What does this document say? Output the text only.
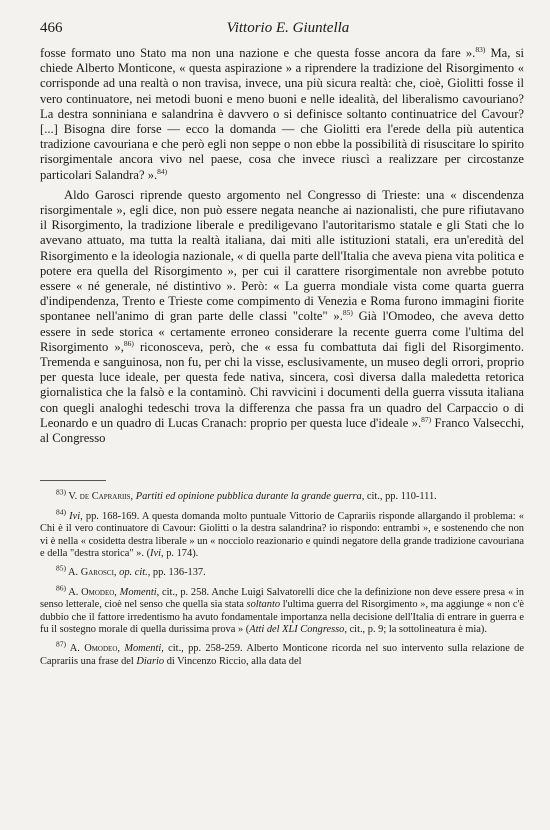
466	Vittorio E. Giuntella

fosse formato uno Stato ma non una nazione e che questa fosse ancora da fare ».$^{83)}$ Ma, si chiede Alberto Monticone, « questa aspirazione » a riprendere la tradizione del Risorgimento « corrisponde ad una realtà o non travisa, invece, una più sicura realtà: che, cioè, Giolitti fosse il vero continuatore, nei metodi buoni e meno buoni e nelle idealità, del liberalismo cavouriano? La destra sonniniana e salandrina è davvero o si definisce soltanto continuatrice del Cavour? [...] Bisogna dire forse — ecco la domanda — che Giolitti era l'erede della più autentica tradizione cavouriana e che però egli non seppe o non ebbe la possibilità di risuscitare lo spirito risorgimentale ancora vivo nel paese, cosa che invece riuscì a realizzare per circostanze particolari Salandra? ».$^{84)}$

Aldo Garosci riprende questo argomento nel Congresso di Trieste: una « discendenza risorgimentale », egli dice, non può essere negata neanche ai nazionalisti, che pure rifiutavano il Risorgimento, la tradizione liberale e prediligevano l'autoritarismo statale e gli Stati che lo avevano attuato, ma tutta la realtà italiana, dai miti alle istituzioni statali, era un'eredità del Risorgimento e la ideologia nazionale, « di quella parte dell'Italia che aveva piena vita politica e potere era quella del Risorgimento », per cui il carattere risorgimentale non avrebbe potuto essere « né generale, né distintivo ». Però: « La guerra mondiale vista come quarta guerra d'indipendenza, Trento e Trieste come compimento di Venezia e Roma furono immagini fiorite spontanee nell'animo di gran parte delle classi "colte" ».$^{85)}$ Già l'Omodeo, che aveva detto essere in sede storica « certamente erroneo considerare la recente guerra come l'ultima del Risorgimento »,$^{86)}$ riconosceva, però, che « essa fu combattuta dai figli del Risorgimento. Tremenda e sanguinosa, non fu, per chi la visse, esclusivamente, un museo degli orrori, proprio per questa luce ideale, per questa fede nativa, sincera, così diversa dalla maledetta retorica giornalistica che la falsò e la contaminò. Chi ravvicini i documenti della guerra vissuta italiana con quegli analoghi tedeschi trova la differenza che passa fra un quadro del Carpaccio o di Leonardo e un quadro di Lucas Cranach: proprio per questa luce d'ideale ».$^{87)}$ Franco Valsecchi, al Congresso

$^{83)}$ V. de Caprariis, Partiti ed opinione pubblica durante la grande guerra, cit., pp. 110-111.

$^{84)}$ Ivi, pp. 168-169. A questa domanda molto puntuale Vittorio de Caprariis risponde allargando il problema: « Chi è il vero continuatore di Cavour: Giolitti o la destra salandrina? io rispondo: entrambi », e sostenendo che non vi è nella « cosidetta destra liberale » un « nocciolo reazionario e quindi negatore della grande tradizione cavouriana e della "destra storica" ». (Ivi, p. 174).

$^{85)}$ A. Garosci, op. cit., pp. 136-137.

$^{86)}$ A. Omodeo, Momenti, cit., p. 258. Anche Luigi Salvatorelli dice che la definizione non deve essere presa « in senso letterale, cioè nel senso che quella sia stata soltanto l'ultima guerra del Risorgimento », ma aggiunge « non c'è dubbio che il fattore irredentismo ha avuto fondamentale importanza nella decisione dell'Italia di entrare in guerra e fu il sostegno morale di quella durissima prova » (Atti del XLI Congresso, cit., p. 9; la sottolineatura è mia).

$^{87)}$ A. Omodeo, Momenti, cit., pp. 258-259. Alberto Monticone ricorda nel suo intervento sulla relazione de Caprariis una frase del Diario di Vincenzo Riccio, alla data del
